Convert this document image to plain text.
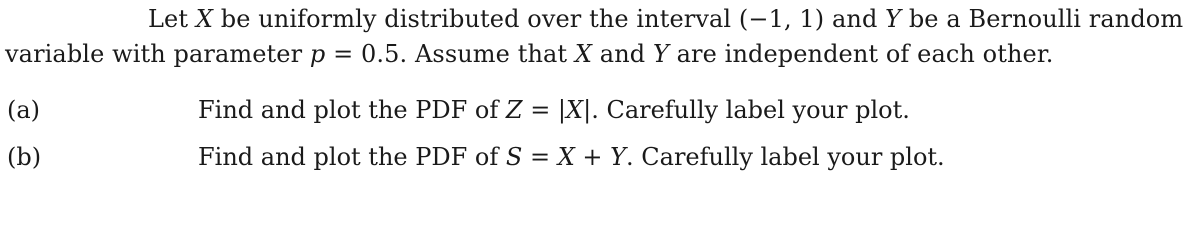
Let X be uniformly distributed over the interval (−1, 1) and Y be a Bernoulli random
variable with parameter p = 0.5. Assume that X and Y are independent of each other.
(a)	Find and plot the PDF of Z = |X|. Carefully label your plot.
(b)	Find and plot the PDF of S = X + Y. Carefully label your plot.
